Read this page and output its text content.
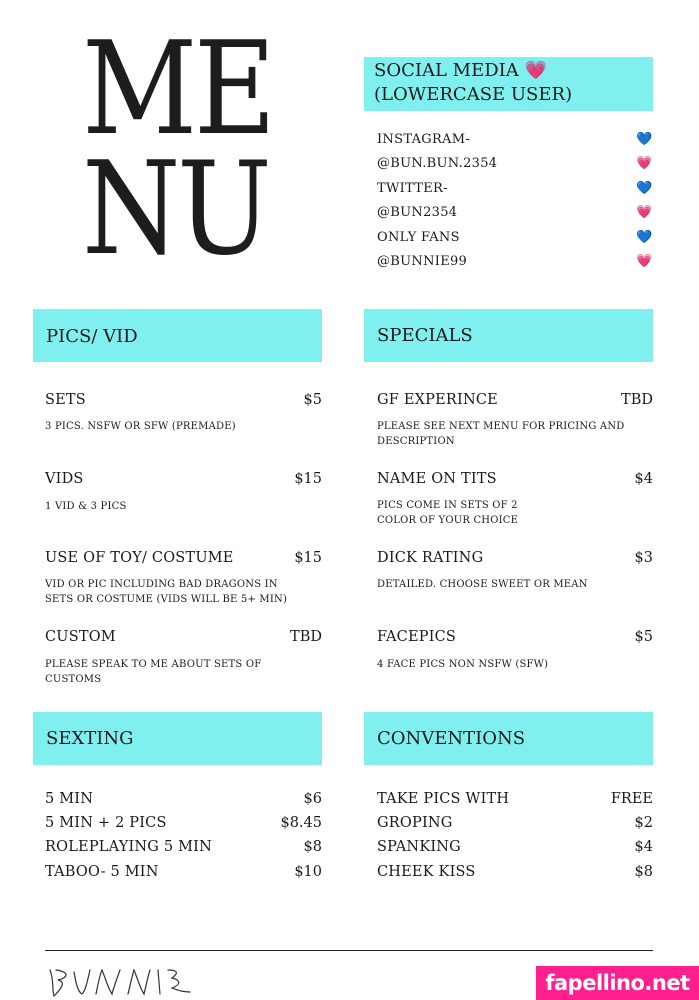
ME
NU
SOCIAL MEDIA 💗
(LOWERCASE USER)
INSTAGRAM-
@BUN.BUN.2354
TWITTER-
@BUN2354
ONLY FANS
@BUNNIE99
💙
💗
💙
💗
💙
💗
PICS/ VID
SETS	$5
3 PICS. NSFW OR SFW (PREMADE)
VIDS	$15
1 VID & 3 PICS
USE OF TOY/ COSTUME	$15
VID OR PIC INCLUDING BAD DRAGONS IN SETS OR COSTUME (VIDS WILL BE 5+ MIN)
CUSTOM	TBD
PLEASE SPEAK TO ME ABOUT SETS OF CUSTOMS
SPECIALS
GF EXPERINCE	TBD
PLEASE SEE NEXT MENU FOR PRICING AND DESCRIPTION
NAME ON TITS	$4
PICS COME IN SETS OF 2
COLOR OF YOUR CHOICE
DICK RATING	$3
DETAILED. CHOOSE SWEET OR MEAN
FACEPICS	$5
4 FACE PICS NON NSFW (SFW)
SEXTING
5 MIN	$6
5 MIN + 2 PICS	$8.45
ROLEPLAYING 5 MIN	$8
TABOO- 5 MIN	$10
CONVENTIONS
TAKE PICS WITH	FREE
GROPING	$2
SPANKING	$4
CHEEK KISS	$8
fapellino.net
